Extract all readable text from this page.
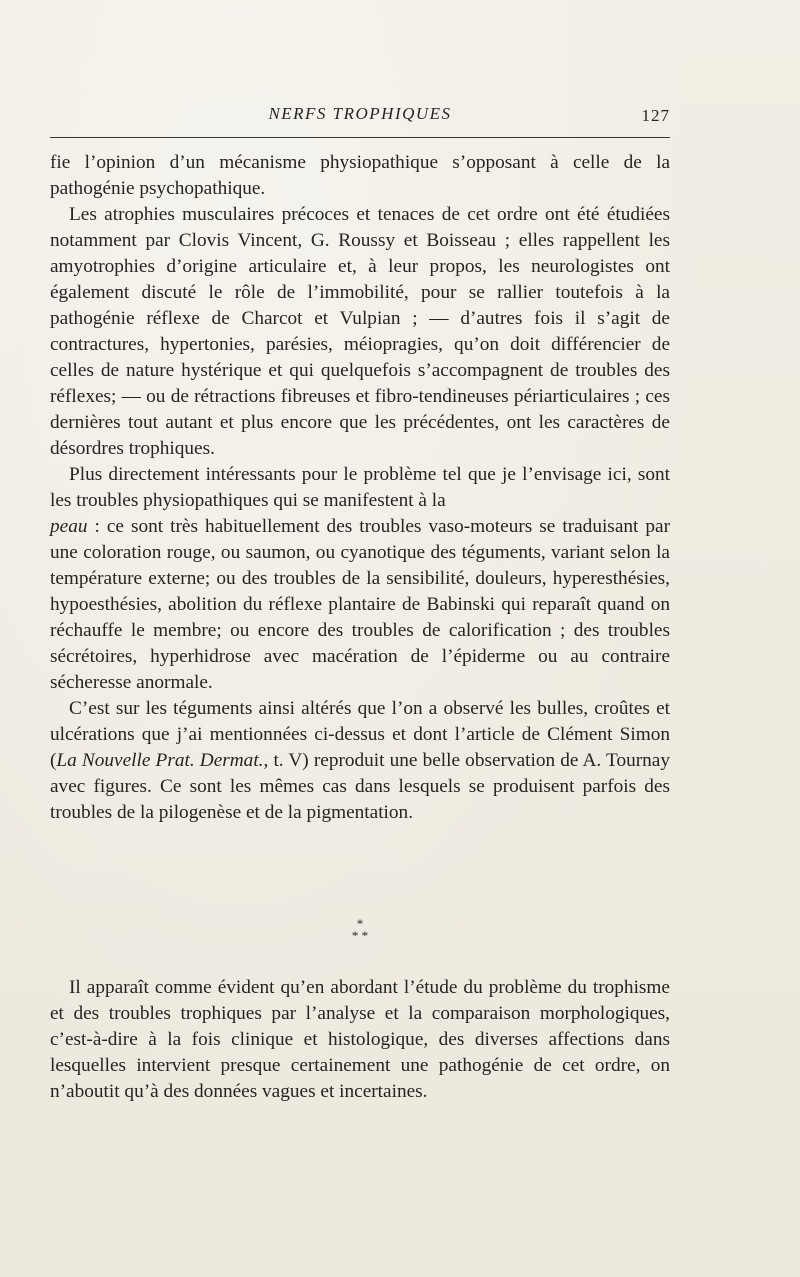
NERFS TROPHIQUES	127

fie l’opinion d’un mécanisme physiopathique s’opposant à celle de la pathogénie psychopathique.

Les atrophies musculaires précoces et tenaces de cet ordre ont été étudiées notamment par Clovis Vincent, G. Roussy et Boisseau ; elles rappellent les amyotrophies d’origine articulaire et, à leur propos, les neurologistes ont également discuté le rôle de l’immobilité, pour se rallier toutefois à la pathogénie réflexe de Charcot et Vulpian ; — d’autres fois il s’agit de contractures, hypertonies, parésies, méiopragies, qu’on doit différencier de celles de nature hystérique et qui quelquefois s’accompagnent de troubles des réflexes; — ou de rétractions fibreuses et fibro-tendineuses périarticulaires ; ces dernières tout autant et plus encore que les précédentes, ont les caractères de désordres trophiques.

Plus directement intéressants pour le problème tel que je l’envisage ici, sont les troubles physiopathiques qui se manifestent à la
peau : ce sont très habituellement des troubles vaso-moteurs se traduisant par une coloration rouge, ou saumon, ou cyanotique des téguments, variant selon la température externe; ou des troubles de la sensibilité, douleurs, hyperesthésies, hypoesthésies, abolition du réflexe plantaire de Babinski qui reparaît quand on réchauffe le membre; ou encore des troubles de calorification ; des troubles sécrétoires, hyperhidrose avec macération de l’épiderme ou au contraire sécheresse anormale.

C’est sur les téguments ainsi altérés que l’on a observé les bulles, croûtes et ulcérations que j’ai mentionnées ci-dessus et dont l’article de Clément Simon (La Nouvelle Prat. Dermat., t. V) reproduit une belle observation de A. Tournay avec figures. Ce sont les mêmes cas dans lesquels se produisent parfois des troubles de la pilogenèse et de la pigmentation.

*
* *

Il apparaît comme évident qu’en abordant l’étude du problème du trophisme et des troubles trophiques par l’analyse et la comparaison morphologiques, c’est-à-dire à la fois clinique et histologique, des diverses affections dans lesquelles intervient presque certainement une pathogénie de cet ordre, on n’aboutit qu’à des données vagues et incertaines.
